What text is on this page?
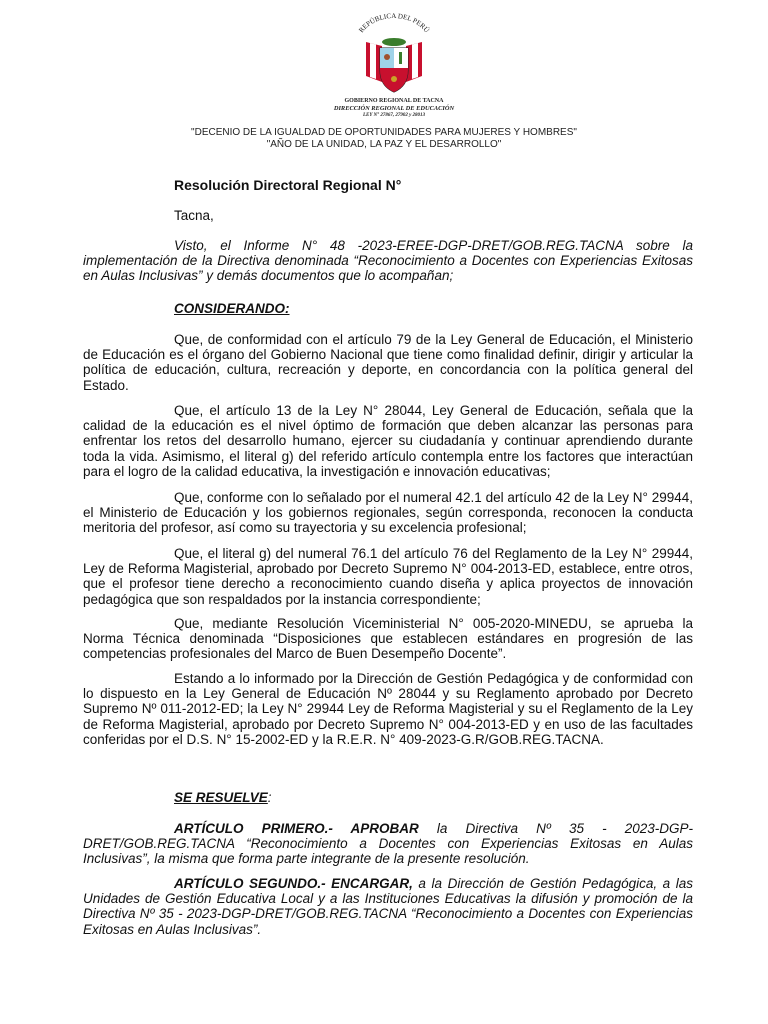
REPÚBLICA DEL PERÚ
GOBIERNO REGIONAL DE TACNA
DIRECCIÓN REGIONAL DE EDUCACIÓN
LEY N° 27867, 27902 y 28013
"DECENIO DE LA IGUALDAD DE OPORTUNIDADES PARA MUJERES Y HOMBRES"
"AÑO DE LA UNIDAD, LA PAZ Y EL DESARROLLO"
Resolución Directoral Regional N°
Tacna,

Visto, el Informe N° 48 -2023-EREE-DGP-DRET/GOB.REG.TACNA sobre la implementación de la Directiva denominada “Reconocimiento a Docentes con Experiencias Exitosas en Aulas Inclusivas” y demás documentos que lo acompañan;

CONSIDERANDO:

Que, de conformidad con el artículo 79 de la Ley General de Educación, el Ministerio de Educación es el órgano del Gobierno Nacional que tiene como finalidad definir, dirigir y articular la política de educación, cultura, recreación y deporte, en concordancia con la política general del Estado.

Que, el artículo 13 de la Ley N° 28044, Ley General de Educación, señala que la calidad de la educación es el nivel óptimo de formación que deben alcanzar las personas para enfrentar los retos del desarrollo humano, ejercer su ciudadanía y continuar aprendiendo durante toda la vida. Asimismo, el literal g) del referido artículo contempla entre los factores que interactúan para el logro de la calidad educativa, la investigación e innovación educativas;

Que, conforme con lo señalado por el numeral 42.1 del artículo 42 de la Ley N° 29944, el Ministerio de Educación y los gobiernos regionales, según corresponda, reconocen la conducta meritoria del profesor, así como su trayectoria y su excelencia profesional;

Que, el literal g) del numeral 76.1 del artículo 76 del Reglamento de la Ley N° 29944, Ley de Reforma Magisterial, aprobado por Decreto Supremo N° 004-2013-ED, establece, entre otros, que el profesor tiene derecho a reconocimiento cuando diseña y aplica proyectos de innovación pedagógica que son respaldados por la instancia correspondiente;

Que, mediante Resolución Viceministerial N° 005-2020-MINEDU, se aprueba la Norma Técnica denominada “Disposiciones que establecen estándares en progresión de las competencias profesionales del Marco de Buen Desempeño Docente”.

Estando a lo informado por la Dirección de Gestión Pedagógica y de conformidad con lo dispuesto en la Ley General de Educación Nº 28044 y su Reglamento aprobado por Decreto Supremo Nº 011-2012-ED; la Ley N° 29944 Ley de Reforma Magisterial y su el Reglamento de la Ley de Reforma Magisterial, aprobado por Decreto Supremo N° 004-2013-ED y en uso de las facultades conferidas por el D.S. N° 15-2002-ED y la R.E.R. N° 409-2023-G.R/GOB.REG.TACNA.

SE RESUELVE:

ARTÍCULO PRIMERO.- APROBAR la Directiva Nº 35 - 2023-DGP-DRET/GOB.REG.TACNA “Reconocimiento a Docentes con Experiencias Exitosas en Aulas Inclusivas”, la misma que forma parte integrante de la presente resolución.

ARTÍCULO SEGUNDO.- ENCARGAR, a la Dirección de Gestión Pedagógica, a las Unidades de Gestión Educativa Local y a las Instituciones Educativas la difusión y promoción de la Directiva Nº 35 - 2023-DGP-DRET/GOB.REG.TACNA “Reconocimiento a Docentes con Experiencias Exitosas en Aulas Inclusivas”.
